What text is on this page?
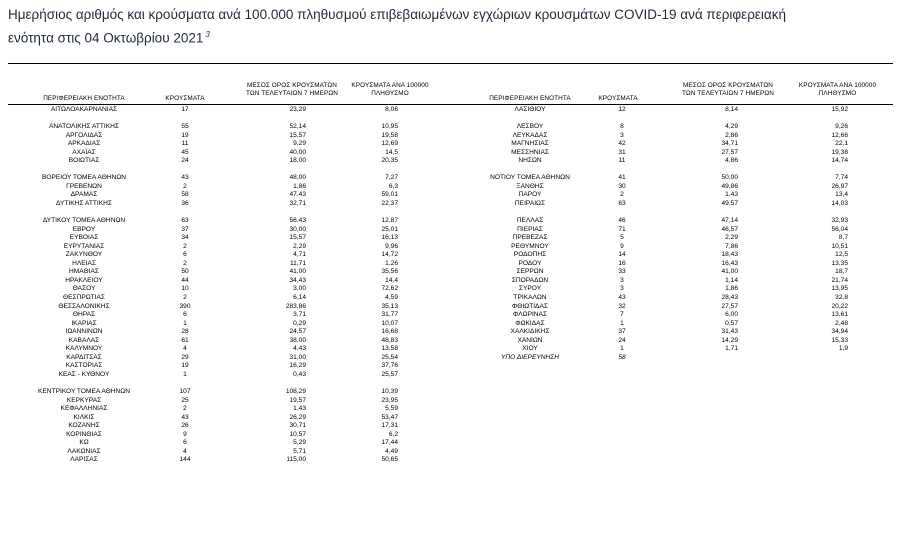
Ημερήσιος αριθμός και κρούσματα ανά 100.000 πληθυσμού επιβεβαιωμένων εγχώριων κρουσμάτων COVID-19 ανά περιφερειακή
ενότητα στις 04 Οκτωβρίου 2021 $^3$
ΠΕΡΙΦΕΡΕΙΑΚΗ ΕΝΟΤΗΤΑ	ΚΡΟΥΣΜΑΤΑ
ΜΕΣΟΣ ΟΡΟΣ ΚΡΟΥΣΜΑΤΩΝ
ΤΩΝ ΤΕΛΕΥΤΑΙΩΝ 7 ΗΜΕΡΩΝ
ΚΡΟΥΣΜΑΤΑ ΑΝΑ 100000
ΠΛΗΘΥΣΜΟ
ΠΕΡΙΦΕΡΕΙΑΚΗ ΕΝΟΤΗΤΑ	ΚΡΟΥΣΜΑΤΑ
ΜΕΣΟΣ ΟΡΟΣ ΚΡΟΥΣΜΑΤΩΝ
ΤΩΝ ΤΕΛΕΥΤΑΙΩΝ 7 ΗΜΕΡΩΝ
ΚΡΟΥΣΜΑΤΑ ΑΝΑ 100000
ΠΛΗΘΥΣΜΟ
ΑΙΤΩΛΟΑΚΑΡΝΑΝΙΑΣ	17	23,29	8,06
ΑΝΑΤΟΛΙΚΗΣ ΑΤΤΙΚΗΣ	55	52,14	10,95
ΑΡΓΟΛΙΔΑΣ	19	15,57	19,58
ΑΡΚΑΔΙΑΣ	11	9,29	12,69
ΑΧΑΪΑΣ	45	40,00	14,5
ΒΟΙΩΤΙΑΣ	24	18,00	20,35
ΒΟΡΕΙΟΥ ΤΟΜΕΑ ΑΘΗΝΩΝ	43	48,00	7,27
ΓΡΕΒΕΝΩΝ	2	1,86	6,3
ΔΡΑΜΑΣ	58	47,43	59,01
ΔΥΤΙΚΗΣ ΑΤΤΙΚΗΣ	36	32,71	22,37
ΔΥΤΙΚΟΥ ΤΟΜΕΑ ΑΘΗΝΩΝ	63	56,43	12,87
ΕΒΡΟΥ	37	30,00	25,01
ΕΥΒΟΙΑΣ	34	15,57	16,13
ΕΥΡΥΤΑΝΙΑΣ	2	2,29	9,96
ΖΑΚΥΝΘΟΥ	6	4,71	14,72
ΗΛΕΙΑΣ	2	11,71	1,26
ΗΜΑΘΙΑΣ	50	41,00	35,56
ΗΡΑΚΛΕΙΟΥ	44	34,43	14,4
ΘΑΣΟΥ	10	3,00	72,62
ΘΕΣΠΡΩΤΙΑΣ	2	6,14	4,59
ΘΕΣΣΑΛΟΝΙΚΗΣ	390	283,86	35,13
ΘΗΡΑΣ	6	3,71	31,77
ΙΚΑΡΙΑΣ	1	0,29	10,07
ΙΩΑΝΝΙΝΩΝ	28	24,57	16,68
ΚΑΒΑΛΑΣ	61	38,00	48,83
ΚΑΛΥΜΝΟΥ	4	4,43	13,58
ΚΑΡΔΙΤΣΑΣ	29	31,00	25,54
ΚΑΣΤΟΡΙΑΣ	19	16,29	37,76
ΚΕΑΣ - ΚΥΘΝΟΥ	1	0,43	25,57
ΚΕΝΤΡΙΚΟΥ ΤΟΜΕΑ ΑΘΗΝΩΝ	107	108,29	10,39
ΚΕΡΚΥΡΑΣ	25	19,57	23,95
ΚΕΦΑΛΛΗΝΙΑΣ	2	1,43	5,59
ΚΙΛΚΙΣ	43	26,29	53,47
ΚΟΖΑΝΗΣ	26	30,71	17,31
ΚΟΡΙΝΘΙΑΣ	9	10,57	6,2
ΚΩ	6	5,29	17,44
ΛΑΚΩΝΙΑΣ	4	5,71	4,49
ΛΑΡΙΣΑΣ	144	115,00	50,65
ΛΑΣΙΘΙΟΥ	12	8,14	15,92
ΛΕΣΒΟΥ	8	4,29	9,26
ΛΕΥΚΑΔΑΣ	3	2,86	12,66
ΜΑΓΝΗΣΙΑΣ	42	34,71	22,1
ΜΕΣΣΗΝΙΑΣ	31	27,57	19,38
ΝΗΣΩΝ	11	4,86	14,74
ΝΟΤΙΟΥ ΤΟΜΕΑ ΑΘΗΝΩΝ	41	50,00	7,74
ΞΑΝΘΗΣ	30	49,86	26,97
ΠΑΡΟΥ	2	1,43	13,4
ΠΕΙΡΑΙΩΣ	63	49,57	14,03
ΠΕΛΛΑΣ	46	47,14	32,93
ΠΙΕΡΙΑΣ	71	46,57	56,04
ΠΡΕΒΕΖΑΣ	5	2,29	8,7
ΡΕΘΥΜΝΟΥ	9	7,86	10,51
ΡΟΔΟΠΗΣ	14	18,43	12,5
ΡΟΔΟΥ	16	16,43	13,35
ΣΕΡΡΩΝ	33	41,00	18,7
ΣΠΟΡΑΔΩΝ	3	1,14	21,74
ΣΥΡΟΥ	3	1,86	13,95
ΤΡΙΚΑΛΩΝ	43	28,43	32,8
ΦΘΙΩΤΙΔΑΣ	32	27,57	20,22
ΦΛΩΡΙΝΑΣ	7	6,00	13,61
ΦΩΚΙΔΑΣ	1	0,57	2,48
ΧΑΛΚΙΔΙΚΗΣ	37	31,43	34,94
ΧΑΝΙΩΝ	24	14,29	15,33
ΧΙΟΥ	1	1,71	1,9
ΥΠΟ ΔΙΕΡΕΥΝΗΣΗ	58
